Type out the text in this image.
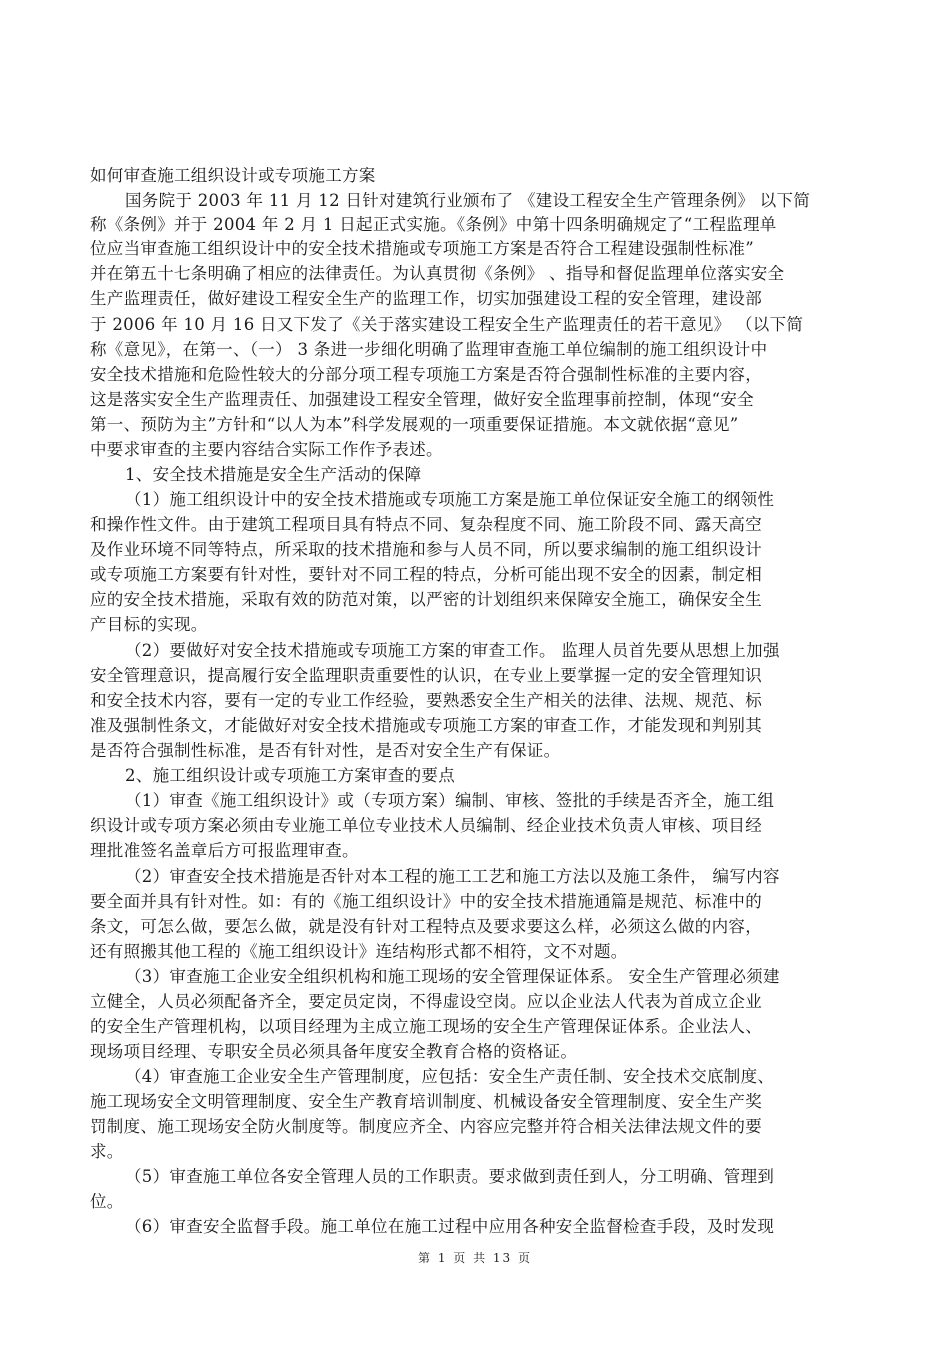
如何审查施工组织设计或专项施工方案
国务院于 2003 年 11 月 12 日针对建筑行业颁布了 《建设工程安全生产管理条例》 以下简
称《条例》并于 2004 年 2 月 1 日起正式实施。《条例》中第十四条明确规定了“工程监理单
位应当审查施工组织设计中的安全技术措施或专项施工方案是否符合工程建设强制性标准”
并在第五十七条明确了相应的法律责任。为认真贯彻《条例》 、指导和督促监理单位落实安全
生产监理责任，做好建设工程安全生产的监理工作，切实加强建设工程的安全管理，建设部
于 2006 年 10 月 16 日又下发了《关于落实建设工程安全生产监理责任的若干意见》 （以下简
称《意见》，在第一、（一） 3 条进一步细化明确了监理审查施工单位编制的施工组织设计中
安全技术措施和危险性较大的分部分项工程专项施工方案是否符合强制性标准的主要内容，
这是落实安全生产监理责任、加强建设工程安全管理，做好安全监理事前控制，体现“安全
第一、预防为主”方针和“以人为本”科学发展观的一项重要保证措施。本文就依据“意见”
中要求审查的主要内容结合实际工作作予表述。
1、安全技术措施是安全生产活动的保障
（1）施工组织设计中的安全技术措施或专项施工方案是施工单位保证安全施工的纲领性
和操作性文件。由于建筑工程项目具有特点不同、复杂程度不同、施工阶段不同、露天高空
及作业环境不同等特点，所采取的技术措施和参与人员不同，所以要求编制的施工组织设计
或专项施工方案要有针对性，要针对不同工程的特点，分析可能出现不安全的因素，制定相
应的安全技术措施，采取有效的防范对策，以严密的计划组织来保障安全施工，确保安全生
产目标的实现。
（2）要做好对安全技术措施或专项施工方案的审查工作。 监理人员首先要从思想上加强
安全管理意识，提高履行安全监理职责重要性的认识，在专业上要掌握一定的安全管理知识
和安全技术内容，要有一定的专业工作经验，要熟悉安全生产相关的法律、法规、规范、标
准及强制性条文，才能做好对安全技术措施或专项施工方案的审查工作，才能发现和判别其
是否符合强制性标准，是否有针对性，是否对安全生产有保证。
2、施工组织设计或专项施工方案审查的要点
（1）审查《施工组织设计》或（专项方案）编制、审核、签批的手续是否齐全，施工组
织设计或专项方案必须由专业施工单位专业技术人员编制、经企业技术负责人审核、项目经
理批准签名盖章后方可报监理审查。
（2）审查安全技术措施是否针对本工程的施工工艺和施工方法以及施工条件， 编写内容
要全面并具有针对性。如：有的《施工组织设计》中的安全技术措施通篇是规范、标准中的
条文，可怎么做，要怎么做，就是没有针对工程特点及要求要这么样，必须这么做的内容，
还有照搬其他工程的《施工组织设计》连结构形式都不相符，文不对题。
（3）审查施工企业安全组织机构和施工现场的安全管理保证体系。 安全生产管理必须建
立健全，人员必须配备齐全，要定员定岗，不得虚设空岗。应以企业法人代表为首成立企业
的安全生产管理机构，以项目经理为主成立施工现场的安全生产管理保证体系。企业法人、
现场项目经理、专职安全员必须具备年度安全教育合格的资格证。
（4）审查施工企业安全生产管理制度，应包括：安全生产责任制、安全技术交底制度、
施工现场安全文明管理制度、安全生产教育培训制度、机械设备安全管理制度、安全生产奖
罚制度、施工现场安全防火制度等。制度应齐全、内容应完整并符合相关法律法规文件的要
求。
（5）审查施工单位各安全管理人员的工作职责。要求做到责任到人，分工明确、管理到
位。
（6）审查安全监督手段。施工单位在施工过程中应用各种安全监督检查手段，及时发现
第 1 页 共 13 页
